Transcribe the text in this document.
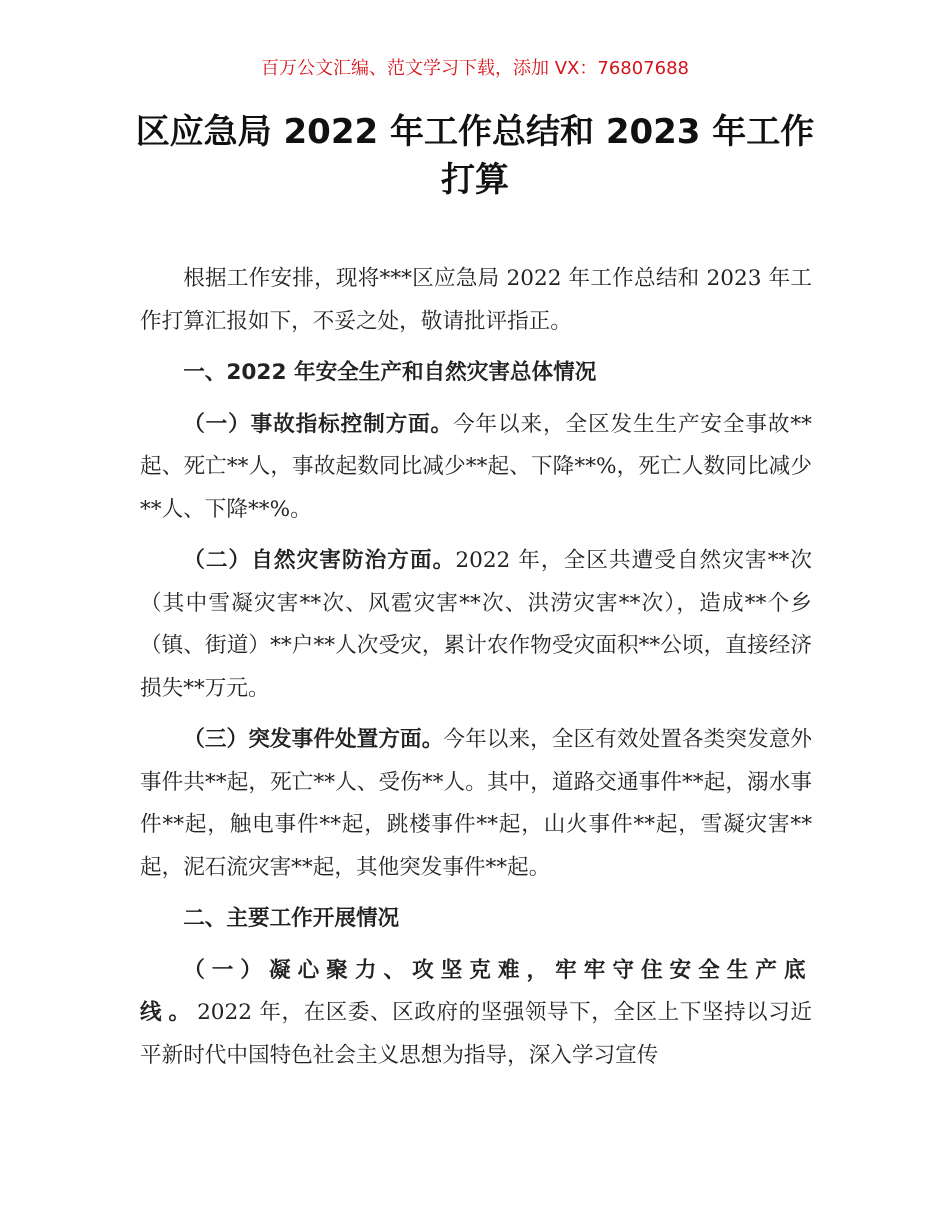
百万公文汇编、范文学习下载，添加 VX：76807688
区应急局 2022 年工作总结和 2023 年工作
打算

根据工作安排，现将***区应急局 2022 年工作总结和 2023 年工作打算汇报如下，不妥之处，敬请批评指正。

一、2022 年安全生产和自然灾害总体情况

（一）事故指标控制方面。今年以来，全区发生生产安全事故**起、死亡**人，事故起数同比减少**起、下降**%，死亡人数同比减少**人、下降**%。

（二）自然灾害防治方面。2022 年，全区共遭受自然灾害**次（其中雪凝灾害**次、风雹灾害**次、洪涝灾害**次），造成**个乡（镇、街道）**户**人次受灾，累计农作物受灾面积**公顷，直接经济损失**万元。

（三）突发事件处置方面。今年以来，全区有效处置各类突发意外事件共**起，死亡**人、受伤**人。其中，道路交通事件**起，溺水事件**起，触电事件**起，跳楼事件**起，山火事件**起，雪凝灾害**起，泥石流灾害**起，其他突发事件**起。

二、主要工作开展情况

（一）凝心聚力、攻坚克难，牢牢守住安全生产底线。2022 年，在区委、区政府的坚强领导下，全区上下坚持以习近平新时代中国特色社会主义思想为指导，深入学习宣传
